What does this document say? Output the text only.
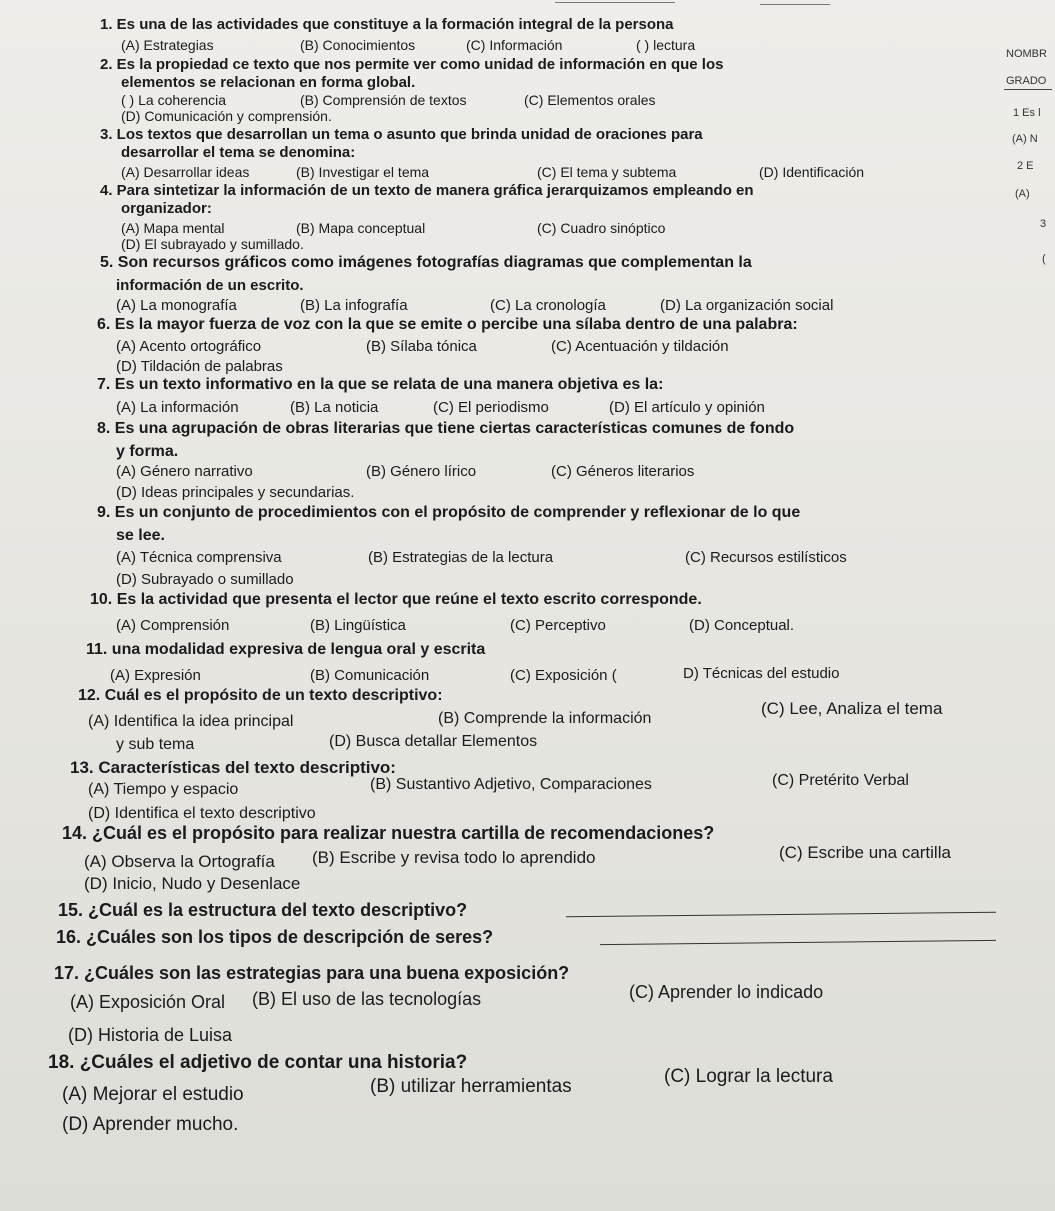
1. Es una de las actividades que constituye a la formación integral de la persona
(A) Estrategias	(B) Conocimientos	(C) Información	( ) lectura
2. Es la propiedad ce texto que nos permite ver como unidad de información en que los
elementos se relacionan en forma global.
( ) La coherencia	(B) Comprensión de textos	(C) Elementos orales
(D) Comunicación y comprensión.
3. Los textos que desarrollan un tema o asunto que brinda unidad de oraciones para
desarrollar el tema se denomina:
(A) Desarrollar ideas	(B) Investigar el tema	(C) El tema y subtema	(D) Identificación
4. Para sintetizar la información de un texto de manera gráfica jerarquizamos empleando en
organizador:
(A) Mapa mental	(B) Mapa conceptual	(C) Cuadro sinóptico
(D) El subrayado y sumillado.
5. Son recursos gráficos como imágenes fotografías diagramas que complementan la
información de un escrito.
(A) La monografía	(B) La infografía	(C) La cronología	(D) La organización social
6. Es la mayor fuerza de voz con la que se emite o percibe una sílaba dentro de una palabra:
(A) Acento ortográfico	(B) Sílaba tónica	(C) Acentuación y tildación
(D) Tildación de palabras
7. Es un texto informativo en la que se relata de una manera objetiva es la:
(A) La información	(B) La noticia	(C) El periodismo	(D) El artículo y opinión
8. Es una agrupación de obras literarias que tiene ciertas características comunes de fondo
y forma.
(A) Género narrativo	(B) Género lírico	(C) Géneros literarios
(D) Ideas principales y secundarias.
9. Es un conjunto de procedimientos con el propósito de comprender y reflexionar de lo que
se lee.
(A) Técnica comprensiva	(B) Estrategias de la lectura	(C) Recursos estilísticos
(D) Subrayado o sumillado
10. Es la actividad que presenta el lector que reúne el texto escrito corresponde.
(A) Comprensión	(B) Lingüística	(C) Perceptivo	(D) Conceptual.
11. una modalidad expresiva de lengua oral y escrita
(A) Expresión	(B) Comunicación	(C) Exposición (	D) Técnicas del estudio
12. Cuál es el propósito de un texto descriptivo:
(A) Identifica la idea principal
y sub tema
(B) Comprende la información
(D) Busca detallar Elementos
(C) Lee, Analiza el tema
13. Características del texto descriptivo:
(A) Tiempo y espacio	(B) Sustantivo Adjetivo, Comparaciones	(C) Pretérito Verbal
(D) Identifica el texto descriptivo
14. ¿Cuál es el propósito para realizar nuestra cartilla de recomendaciones?
(A) Observa la Ortografía (B) Escribe y revisa todo lo aprendido	(C) Escribe una cartilla
(D) Inicio, Nudo y Desenlace
15. ¿Cuál es la estructura del texto descriptivo?
16. ¿Cuáles son los tipos de descripción de seres?
17. ¿Cuáles son las estrategias para una buena exposición?
(A) Exposición Oral (B) El uso de las tecnologías	(C) Aprender lo indicado
(D) Historia de Luisa
18. ¿Cuáles el adjetivo de contar una historia?
(A) Mejorar el estudio	(B) utilizar herramientas	(C) Lograr la lectura
(D) Aprender mucho.
NOMBR
GRADO
1 Es l
(A) N
2 E
(A)
3
(
